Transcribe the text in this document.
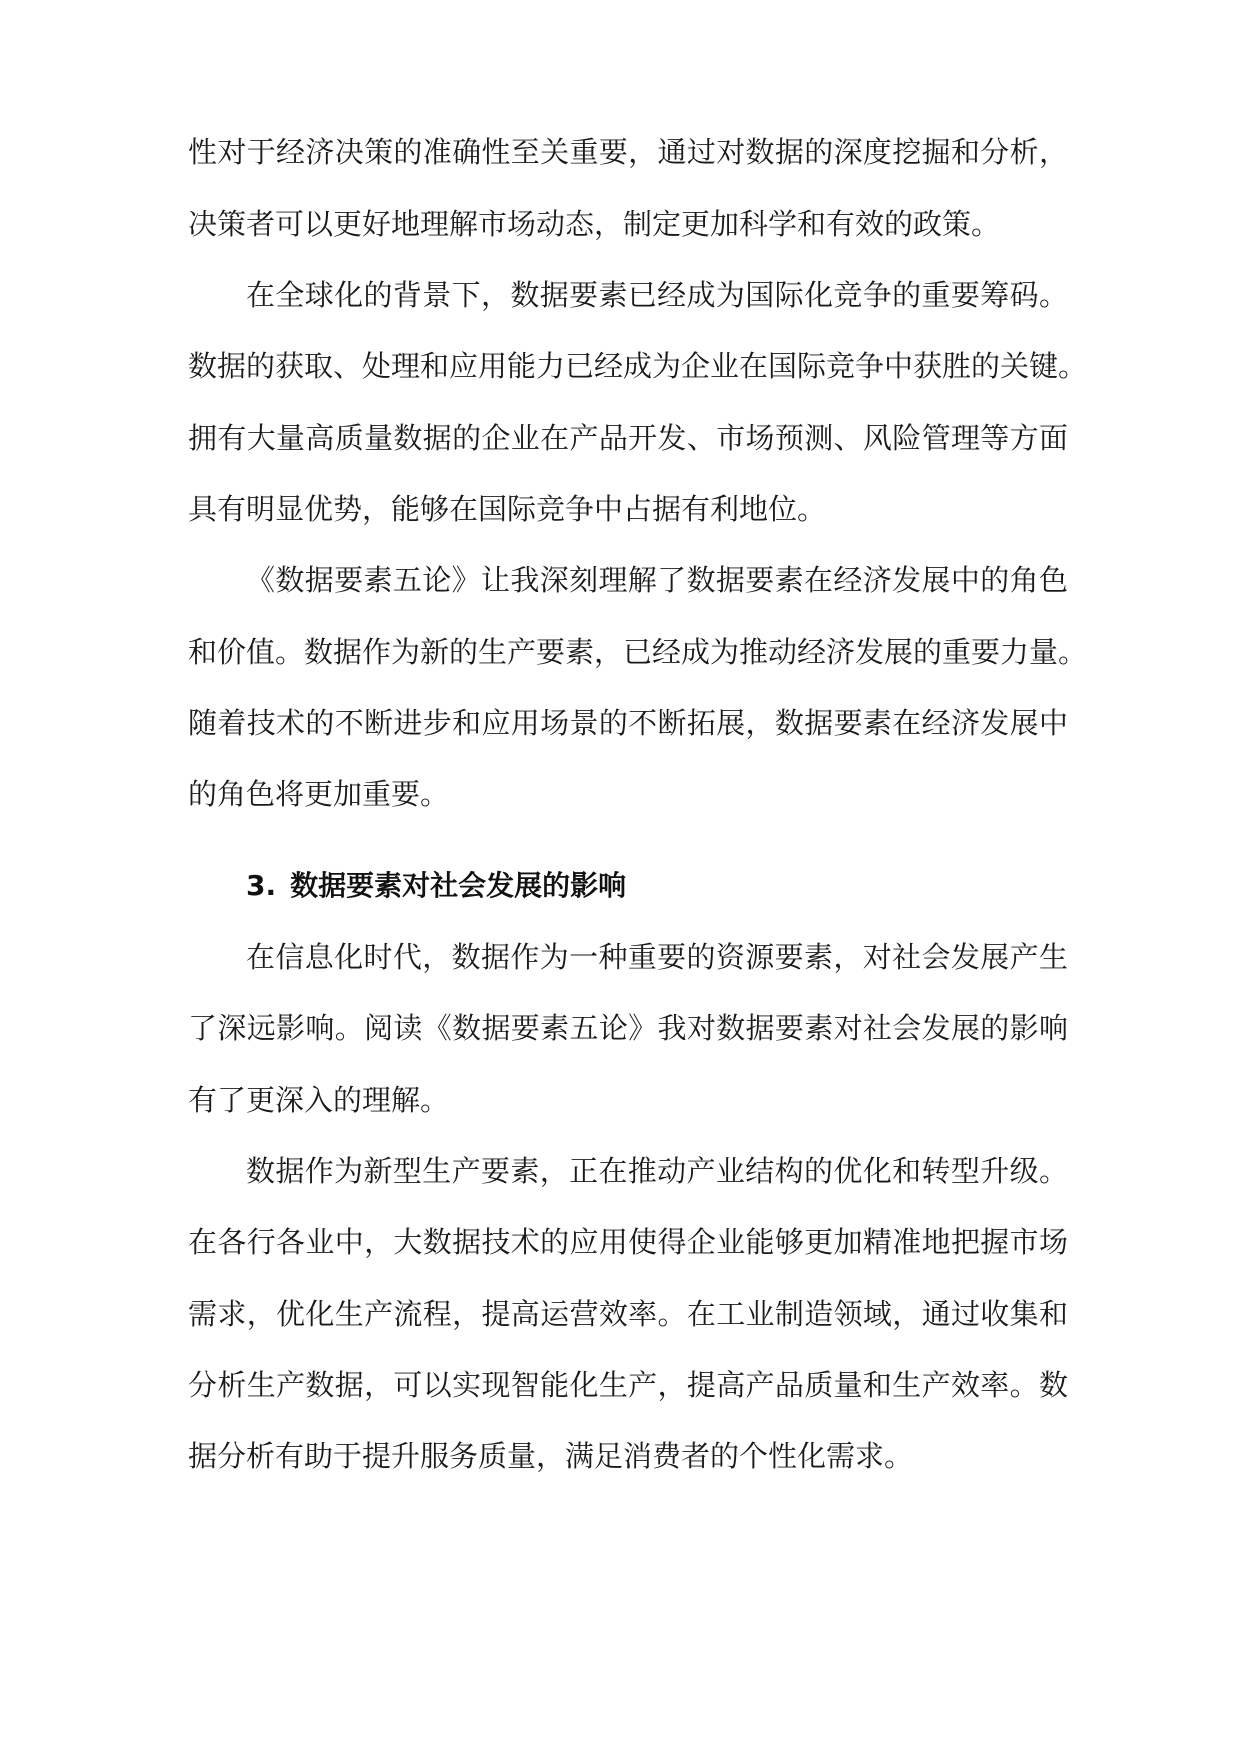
性对于经济决策的准确性至关重要，通过对数据的深度挖掘和分析，
决策者可以更好地理解市场动态，制定更加科学和有效的政策。
在全球化的背景下，数据要素已经成为国际化竞争的重要筹码。
数据的获取、处理和应用能力已经成为企业在国际竞争中获胜的关键。
拥有大量高质量数据的企业在产品开发、市场预测、风险管理等方面
具有明显优势，能够在国际竞争中占据有利地位。
《数据要素五论》让我深刻理解了数据要素在经济发展中的角色
和价值。数据作为新的生产要素，已经成为推动经济发展的重要力量。
随着技术的不断进步和应用场景的不断拓展，数据要素在经济发展中
的角色将更加重要。
3. 数据要素对社会发展的影响
在信息化时代，数据作为一种重要的资源要素，对社会发展产生
了深远影响。阅读《数据要素五论》我对数据要素对社会发展的影响
有了更深入的理解。
数据作为新型生产要素，正在推动产业结构的优化和转型升级。
在各行各业中，大数据技术的应用使得企业能够更加精准地把握市场
需求，优化生产流程，提高运营效率。在工业制造领域，通过收集和
分析生产数据，可以实现智能化生产，提高产品质量和生产效率。数
据分析有助于提升服务质量，满足消费者的个性化需求。
